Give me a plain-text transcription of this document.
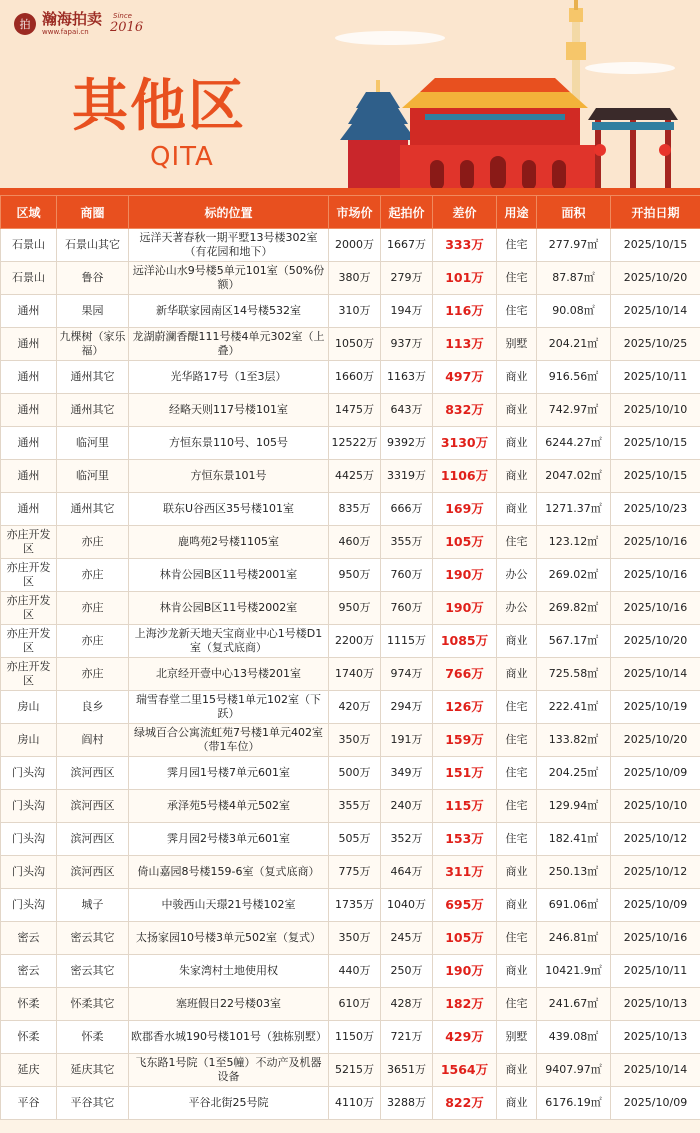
拍 瀚海拍卖
www.fapai.cn
Since
2016
其他区
QITA
区域	商圈	标的位置	市场价	起拍价	差价	用途	面积	开拍日期
石景山	石景山其它	远洋天著春秋一期平墅13号楼302室（有花园和地下）	2000万	1667万	333万	住宅	277.97㎡	2025/10/15
石景山	鲁谷	远洋沁山水9号楼5单元101室（50%份额）	380万	279万	101万	住宅	87.87㎡	2025/10/20
通州	果园	新华联家园南区14号楼532室	310万	194万	116万	住宅	90.08㎡	2025/10/14
通州	九棵树（家乐福）	龙湖蔚澜香醍111号楼4单元302室（上叠）	1050万	937万	113万	别墅	204.21㎡	2025/10/25
通州	通州其它	光华路17号（1至3层）	1660万	1163万	497万	商业	916.56㎡	2025/10/11
通州	通州其它	经略天则117号楼101室	1475万	643万	832万	商业	742.97㎡	2025/10/10
通州	临河里	方恒东景110号、105号	12522万	9392万	3130万	商业	6244.27㎡	2025/10/15
通州	临河里	方恒东景101号	4425万	3319万	1106万	商业	2047.02㎡	2025/10/15
通州	通州其它	联东U谷西区35号楼101室	835万	666万	169万	商业	1271.37㎡	2025/10/23
亦庄开发区	亦庄	鹿鸣苑2号楼1105室	460万	355万	105万	住宅	123.12㎡	2025/10/16
亦庄开发区	亦庄	林肯公园B区11号楼2001室	950万	760万	190万	办公	269.02㎡	2025/10/16
亦庄开发区	亦庄	林肯公园B区11号楼2002室	950万	760万	190万	办公	269.82㎡	2025/10/16
亦庄开发区	亦庄	上海沙龙新天地天宝商业中心1号楼D1室（复式底商）	2200万	1115万	1085万	商业	567.17㎡	2025/10/20
亦庄开发区	亦庄	北京经开壹中心13号楼201室	1740万	974万	766万	商业	725.58㎡	2025/10/14
房山	良乡	瑞雪春堂二里15号楼1单元102室（下跃）	420万	294万	126万	住宅	222.41㎡	2025/10/19
房山	阎村	绿城百合公寓流虹苑7号楼1单元402室（带1车位）	350万	191万	159万	住宅	133.82㎡	2025/10/20
门头沟	滨河西区	霁月园1号楼7单元601室	500万	349万	151万	住宅	204.25㎡	2025/10/09
门头沟	滨河西区	承泽苑5号楼4单元502室	355万	240万	115万	住宅	129.94㎡	2025/10/10
门头沟	滨河西区	霁月园2号楼3单元601室	505万	352万	153万	住宅	182.41㎡	2025/10/12
门头沟	滨河西区	倚山嘉园8号楼159-6室（复式底商）	775万	464万	311万	商业	250.13㎡	2025/10/12
门头沟	城子	中骏西山天璟21号楼102室	1735万	1040万	695万	商业	691.06㎡	2025/10/09
密云	密云其它	太扬家园10号楼3单元502室（复式）	350万	245万	105万	住宅	246.81㎡	2025/10/16
密云	密云其它	朱家湾村土地使用权	440万	250万	190万	商业	10421.9㎡	2025/10/11
怀柔	怀柔其它	塞班假日22号楼03室	610万	428万	182万	住宅	241.67㎡	2025/10/13
怀柔	怀柔	欧郡香水城190号楼101号（独栋别墅）	1150万	721万	429万	别墅	439.08㎡	2025/10/13
延庆	延庆其它	飞东路1号院（1至5幢）不动产及机器设备	5215万	3651万	1564万	商业	9407.97㎡	2025/10/14
平谷	平谷其它	平谷北街25号院	4110万	3288万	822万	商业	6176.19㎡	2025/10/09
